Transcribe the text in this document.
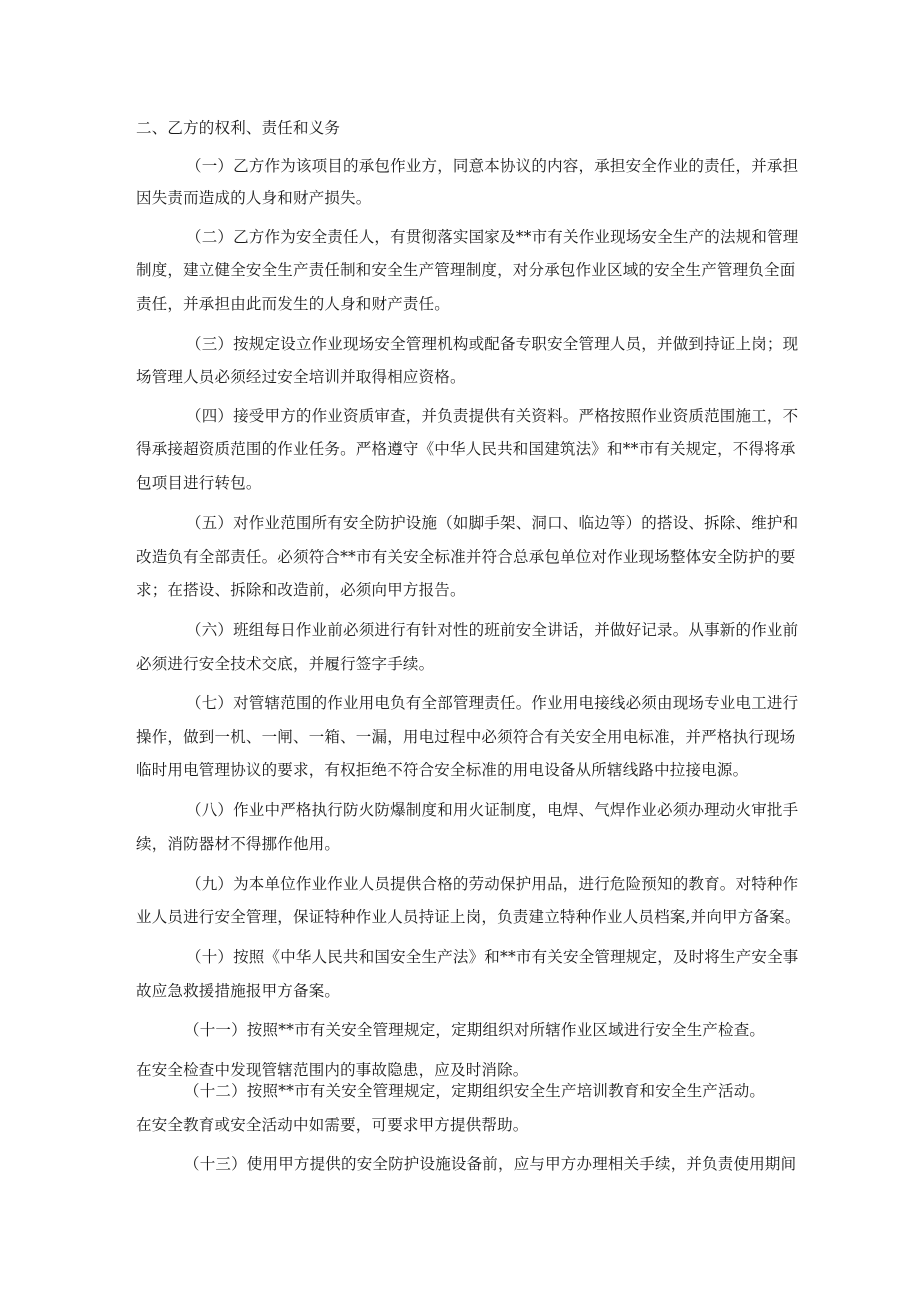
二、乙方的权利、责任和义务
（一）乙方作为该项目的承包作业方，同意本协议的内容，承担安全作业的责任，并承担
因失责而造成的人身和财产损失。
（二）乙方作为安全责任人，有贯彻落实国家及**市有关作业现场安全生产的法规和管理
制度，建立健全安全生产责任制和安全生产管理制度，对分承包作业区域的安全生产管理负全面
责任，并承担由此而发生的人身和财产责任。
（三）按规定设立作业现场安全管理机构或配备专职安全管理人员，并做到持证上岗；现
场管理人员必须经过安全培训并取得相应资格。
（四）接受甲方的作业资质审查，并负责提供有关资料。严格按照作业资质范围施工，不
得承接超资质范围的作业任务。严格遵守《中华人民共和国建筑法》和**市有关规定，不得将承
包项目进行转包。
（五）对作业范围所有安全防护设施（如脚手架、洞口、临边等）的搭设、拆除、维护和
改造负有全部责任。必须符合**市有关安全标准并符合总承包单位对作业现场整体安全防护的要
求；在搭设、拆除和改造前，必须向甲方报告。
（六）班组每日作业前必须进行有针对性的班前安全讲话，并做好记录。从事新的作业前
必须进行安全技术交底，并履行签字手续。
（七）对管辖范围的作业用电负有全部管理责任。作业用电接线必须由现场专业电工进行
操作，做到一机、一闸、一箱、一漏，用电过程中必须符合有关安全用电标准，并严格执行现场
临时用电管理协议的要求，有权拒绝不符合安全标准的用电设备从所辖线路中拉接电源。
（八）作业中严格执行防火防爆制度和用火证制度，电焊、气焊作业必须办理动火审批手
续，消防器材不得挪作他用。
（九）为本单位作业作业人员提供合格的劳动保护用品，进行危险预知的教育。对特种作
业人员进行安全管理，保证特种作业人员持证上岗，负责建立特种作业人员档案,并向甲方备案。
（十）按照《中华人民共和国安全生产法》和**市有关安全管理规定，及时将生产安全事
故应急救援措施报甲方备案。
（十一）按照**市有关安全管理规定，定期组织对所辖作业区域进行安全生产检查。
在安全检查中发现管辖范围内的事故隐患，应及时消除。
（十二）按照**市有关安全管理规定，定期组织安全生产培训教育和安全生产活动。
在安全教育或安全活动中如需要，可要求甲方提供帮助。
（十三）使用甲方提供的安全防护设施设备前，应与甲方办理相关手续，并负责使用期间
